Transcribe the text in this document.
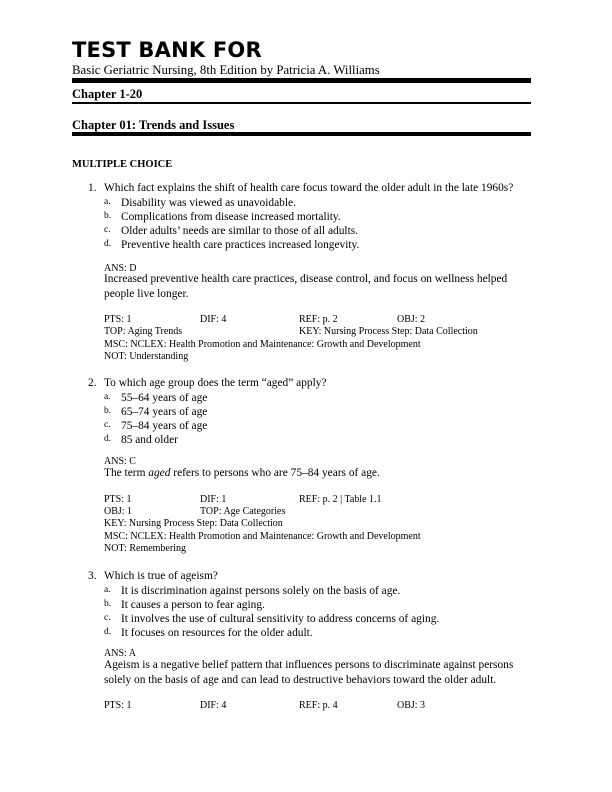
TEST BANK FOR
Basic Geriatric Nursing, 8th Edition by Patricia A. Williams
Chapter 1-20
Chapter 01: Trends and Issues
MULTIPLE CHOICE
1. Which fact explains the shift of health care focus toward the older adult in the late 1960s?
a. Disability was viewed as unavoidable.
b. Complications from disease increased mortality.
c. Older adults’ needs are similar to those of all adults.
d. Preventive health care practices increased longevity.
ANS: D
Increased preventive health care practices, disease control, and focus on wellness helped
people live longer.
PTS: 1	DIF: 4	REF: p. 2	OBJ: 2
TOP: Aging Trends	KEY: Nursing Process Step: Data Collection
MSC: NCLEX: Health Promotion and Maintenance: Growth and Development
NOT: Understanding
2. To which age group does the term “aged” apply?
a. 55–64 years of age
b. 65–74 years of age
c. 75–84 years of age
d. 85 and older
ANS: C
The term aged refers to persons who are 75–84 years of age.
PTS: 1	DIF: 1	REF: p. 2 | Table 1.1
OBJ: 1	TOP: Age Categories
KEY: Nursing Process Step: Data Collection
MSC: NCLEX: Health Promotion and Maintenance: Growth and Development
NOT: Remembering
3. Which is true of ageism?
a. It is discrimination against persons solely on the basis of age.
b. It causes a person to fear aging.
c. It involves the use of cultural sensitivity to address concerns of aging.
d. It focuses on resources for the older adult.
ANS: A
Ageism is a negative belief pattern that influences persons to discriminate against persons
solely on the basis of age and can lead to destructive behaviors toward the older adult.
PTS: 1	DIF: 4	REF: p. 4	OBJ: 3
